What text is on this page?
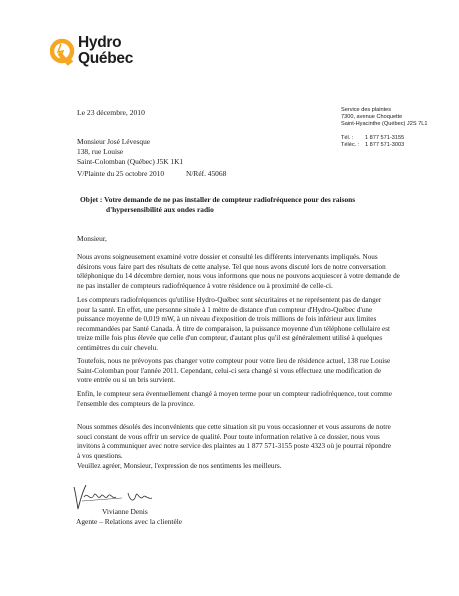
Hydro
Québec
Le 23 décembre, 2010	Service des plaintes
7300, avenue Choquette
Saint-Hyacinthe (Québec) J2S 7L1
Tél. : 1 877 571-3155
Téléc. : 1 877 571-3003
Monsieur José Lévesque
138, rue Louise
Saint-Colomban (Québec) J5K 1K1
V/Plainte du 25 octobre 2010	N/Réf. 45068
Objet : Votre demande de ne pas installer de compteur radiofréquence pour des raisons
d'hypersensibilité aux ondes radio
Monsieur,
Nous avons soigneusement examiné votre dossier et consulté les différents intervenants impliqués. Nous
désirons vous faire part des résultats de cette analyse. Tel que nous avons discuté lors de notre conversation
téléphonique du 14 décembre dernier, nous vous informons que nous ne pouvons acquiescer à votre demande de
ne pas installer de compteurs radiofréquence à votre résidence ou à proximité de celle-ci.
Les compteurs radiofréquences qu'utilise Hydro-Québec sont sécuritaires et ne représentent pas de danger
pour la santé. En effet, une personne située à 1 mètre de distance d'un compteur d'Hydro-Québec d'une
puissance moyenne de 0,019 mW, à un niveau d'exposition de trois millions de fois inférieur aux limites
recommandées par Santé Canada. À titre de comparaison, la puissance moyenne d'un téléphone cellulaire est
treize mille fois plus élevée que celle d'un compteur, d'autant plus qu'il est généralement utilisé à quelques
centimètres du cuir chevelu.
Toutefois, nous ne prévoyons pas changer votre compteur pour votre lieu de résidence actuel, 138 rue Louise
Saint-Colomban pour l'année 2011. Cependant, celui-ci sera changé si vous effectuez une modification de
votre entrée ou si un bris survient.
Enfin, le compteur sera éventuellement changé à moyen terme pour un compteur radiofréquence, tout comme
l'ensemble des compteurs de la province.
Nous sommes désolés des inconvénients que cette situation sit pu vous occasionner et vous assurons de notre
souci constant de vous offrir un service de qualité. Pour toute information relative à ce dossier, nous vous
invitons à communiquer avec notre service des plaintes au 1 877 571-3155 poste 4323 où je pourrai répondre
à vos questions.
Veuillez agréer, Monsieur, l'expression de nos sentiments les meilleurs.
Vivianne Denis
Agente – Relations avec la clientèle
